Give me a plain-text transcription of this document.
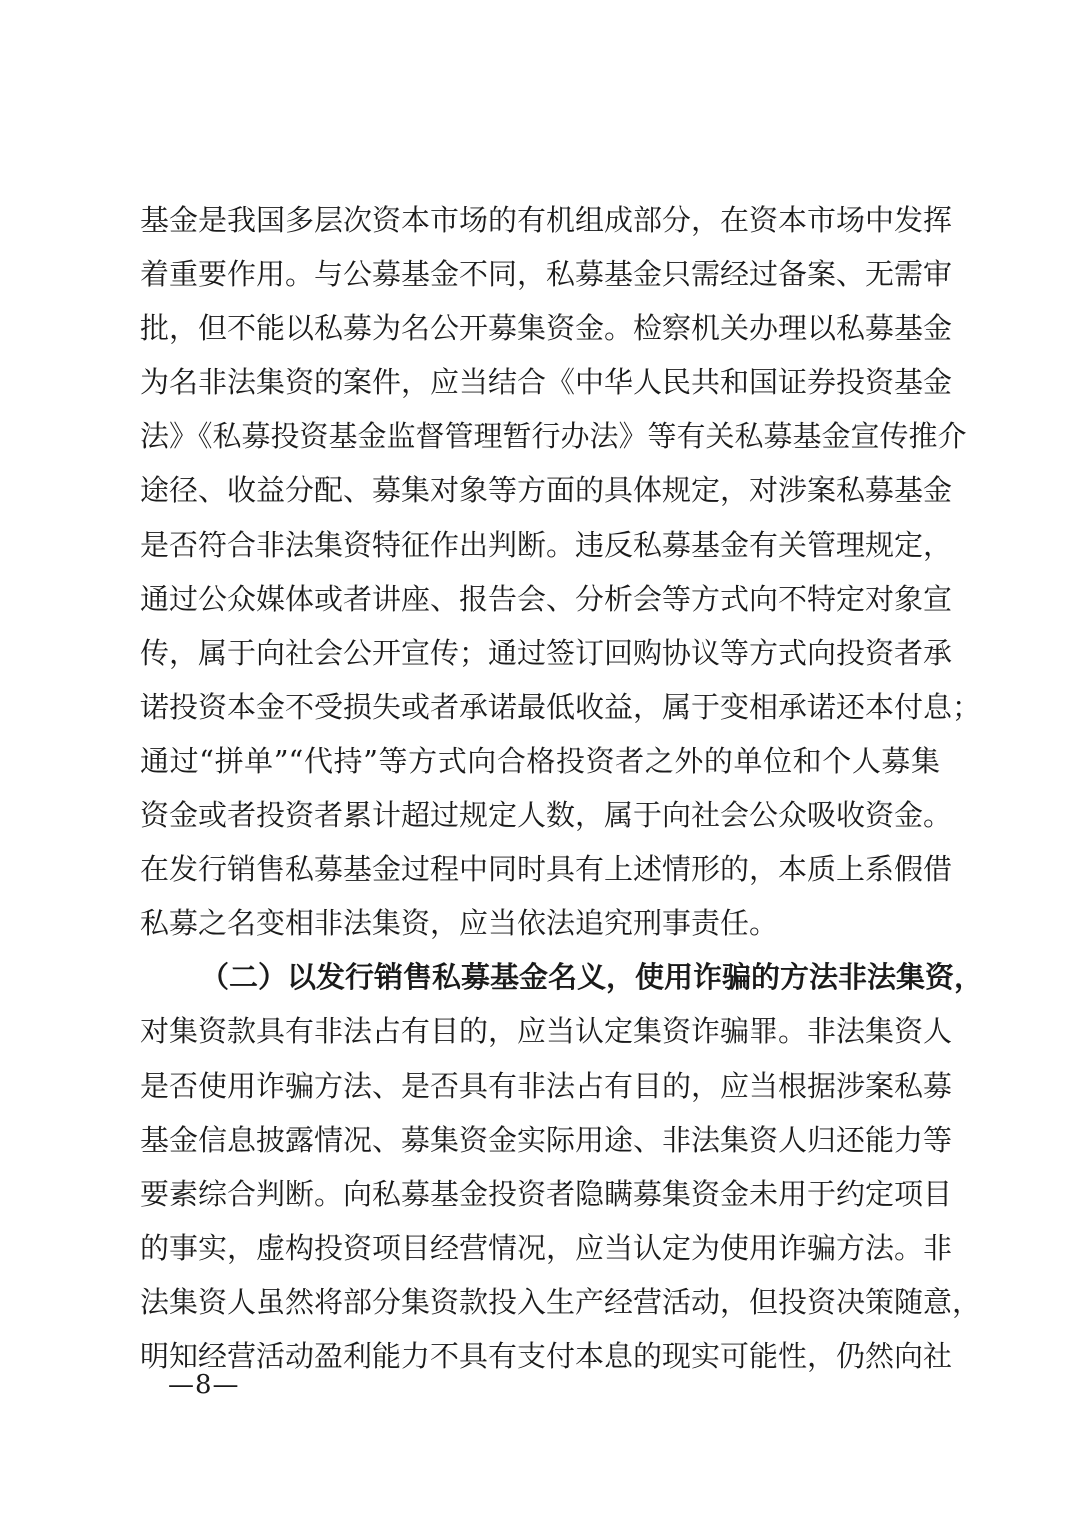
基金是我国多层次资本市场的有机组成部分，在资本市场中发挥
着重要作用。与公募基金不同，私募基金只需经过备案、无需审
批，但不能以私募为名公开募集资金。检察机关办理以私募基金
为名非法集资的案件，应当结合《中华人民共和国证券投资基金
法》《私募投资基金监督管理暂行办法》等有关私募基金宣传推介
途径、收益分配、募集对象等方面的具体规定，对涉案私募基金
是否符合非法集资特征作出判断。违反私募基金有关管理规定，
通过公众媒体或者讲座、报告会、分析会等方式向不特定对象宣
传，属于向社会公开宣传；通过签订回购协议等方式向投资者承
诺投资本金不受损失或者承诺最低收益，属于变相承诺还本付息；
通过“拼单”“代持”等方式向合格投资者之外的单位和个人募集
资金或者投资者累计超过规定人数，属于向社会公众吸收资金。
在发行销售私募基金过程中同时具有上述情形的，本质上系假借
私募之名变相非法集资，应当依法追究刑事责任。
（二）以发行销售私募基金名义，使用诈骗的方法非法集资，
对集资款具有非法占有目的，应当认定集资诈骗罪。非法集资人
是否使用诈骗方法、是否具有非法占有目的，应当根据涉案私募
基金信息披露情况、募集资金实际用途、非法集资人归还能力等
要素综合判断。向私募基金投资者隐瞒募集资金未用于约定项目
的事实，虚构投资项目经营情况，应当认定为使用诈骗方法。非
法集资人虽然将部分集资款投入生产经营活动，但投资决策随意，
明知经营活动盈利能力不具有支付本息的现实可能性，仍然向社
—8—
